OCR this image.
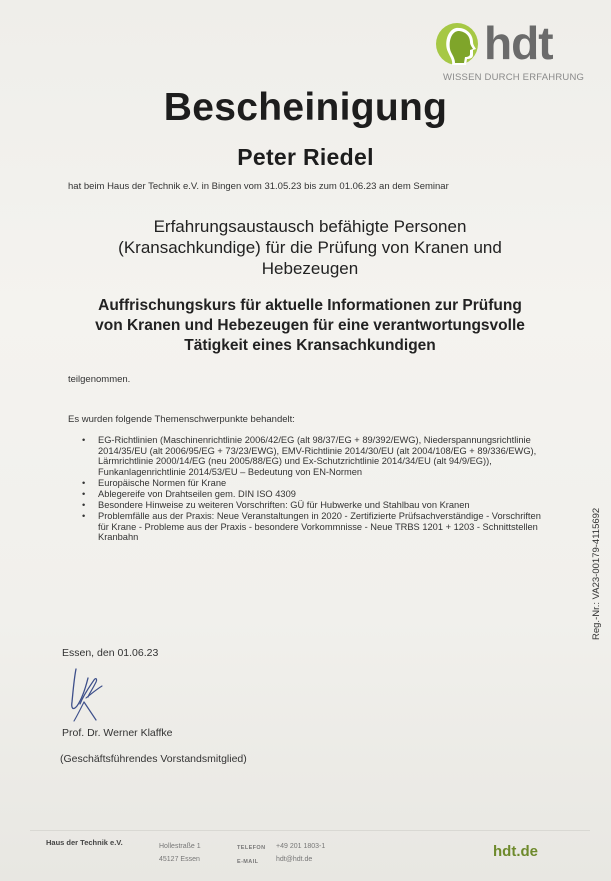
hdt
WISSEN DURCH ERFAHRUNG
Bescheinigung
Peter Riedel
hat beim Haus der Technik e.V. in Bingen vom 31.05.23 bis zum 01.06.23 an dem Seminar
Erfahrungsaustausch befähigte Personen
(Kransachkundige) für die Prüfung von Kranen und
Hebezeugen
Auffrischungskurs für aktuelle Informationen zur Prüfung
von Kranen und Hebezeugen für eine verantwortungsvolle
Tätigkeit eines Kransachkundigen
teilgenommen.
Es wurden folgende Themenschwerpunkte behandelt:
• EG-Richtlinien (Maschinenrichtlinie 2006/42/EG (alt 98/37/EG + 89/392/EWG), Niederspannungsrichtlinie 2014/35/EU (alt 2006/95/EG + 73/23/EWG), EMV-Richtlinie 2014/30/EU (alt 2004/108/EG + 89/336/EWG), Lärmrichtlinie 2000/14/EG (neu 2005/88/EG) und Ex-Schutzrichtlinie 2014/34/EU (alt 94/9/EG)), Funkanlagenrichtlinie 2014/53/EU – Bedeutung von EN-Normen
• Europäische Normen für Krane
• Ablegereife von Drahtseilen gem. DIN ISO 4309
• Besondere Hinweise zu weiteren Vorschriften: GÜ für Hubwerke und Stahlbau von Kranen
• Problemfälle aus der Praxis: Neue Veranstaltungen in 2020 - Zertifizierte Prüfsachverständige - Vorschriften für Krane - Probleme aus der Praxis - besondere Vorkommnisse - Neue TRBS 1201 + 1203 - Schnittstellen Kranbahn
Essen, den 01.06.23
Prof. Dr. Werner Klaffke
(Geschäftsführendes Vorstandsmitglied)
Reg.-Nr.: VA23-00179-4115692
Haus der Technik e.V.	Hollestraße 1
45127 Essen
TELEFON
E-MAIL
+49 201 1803-1
hdt@hdt.de	hdt.de
